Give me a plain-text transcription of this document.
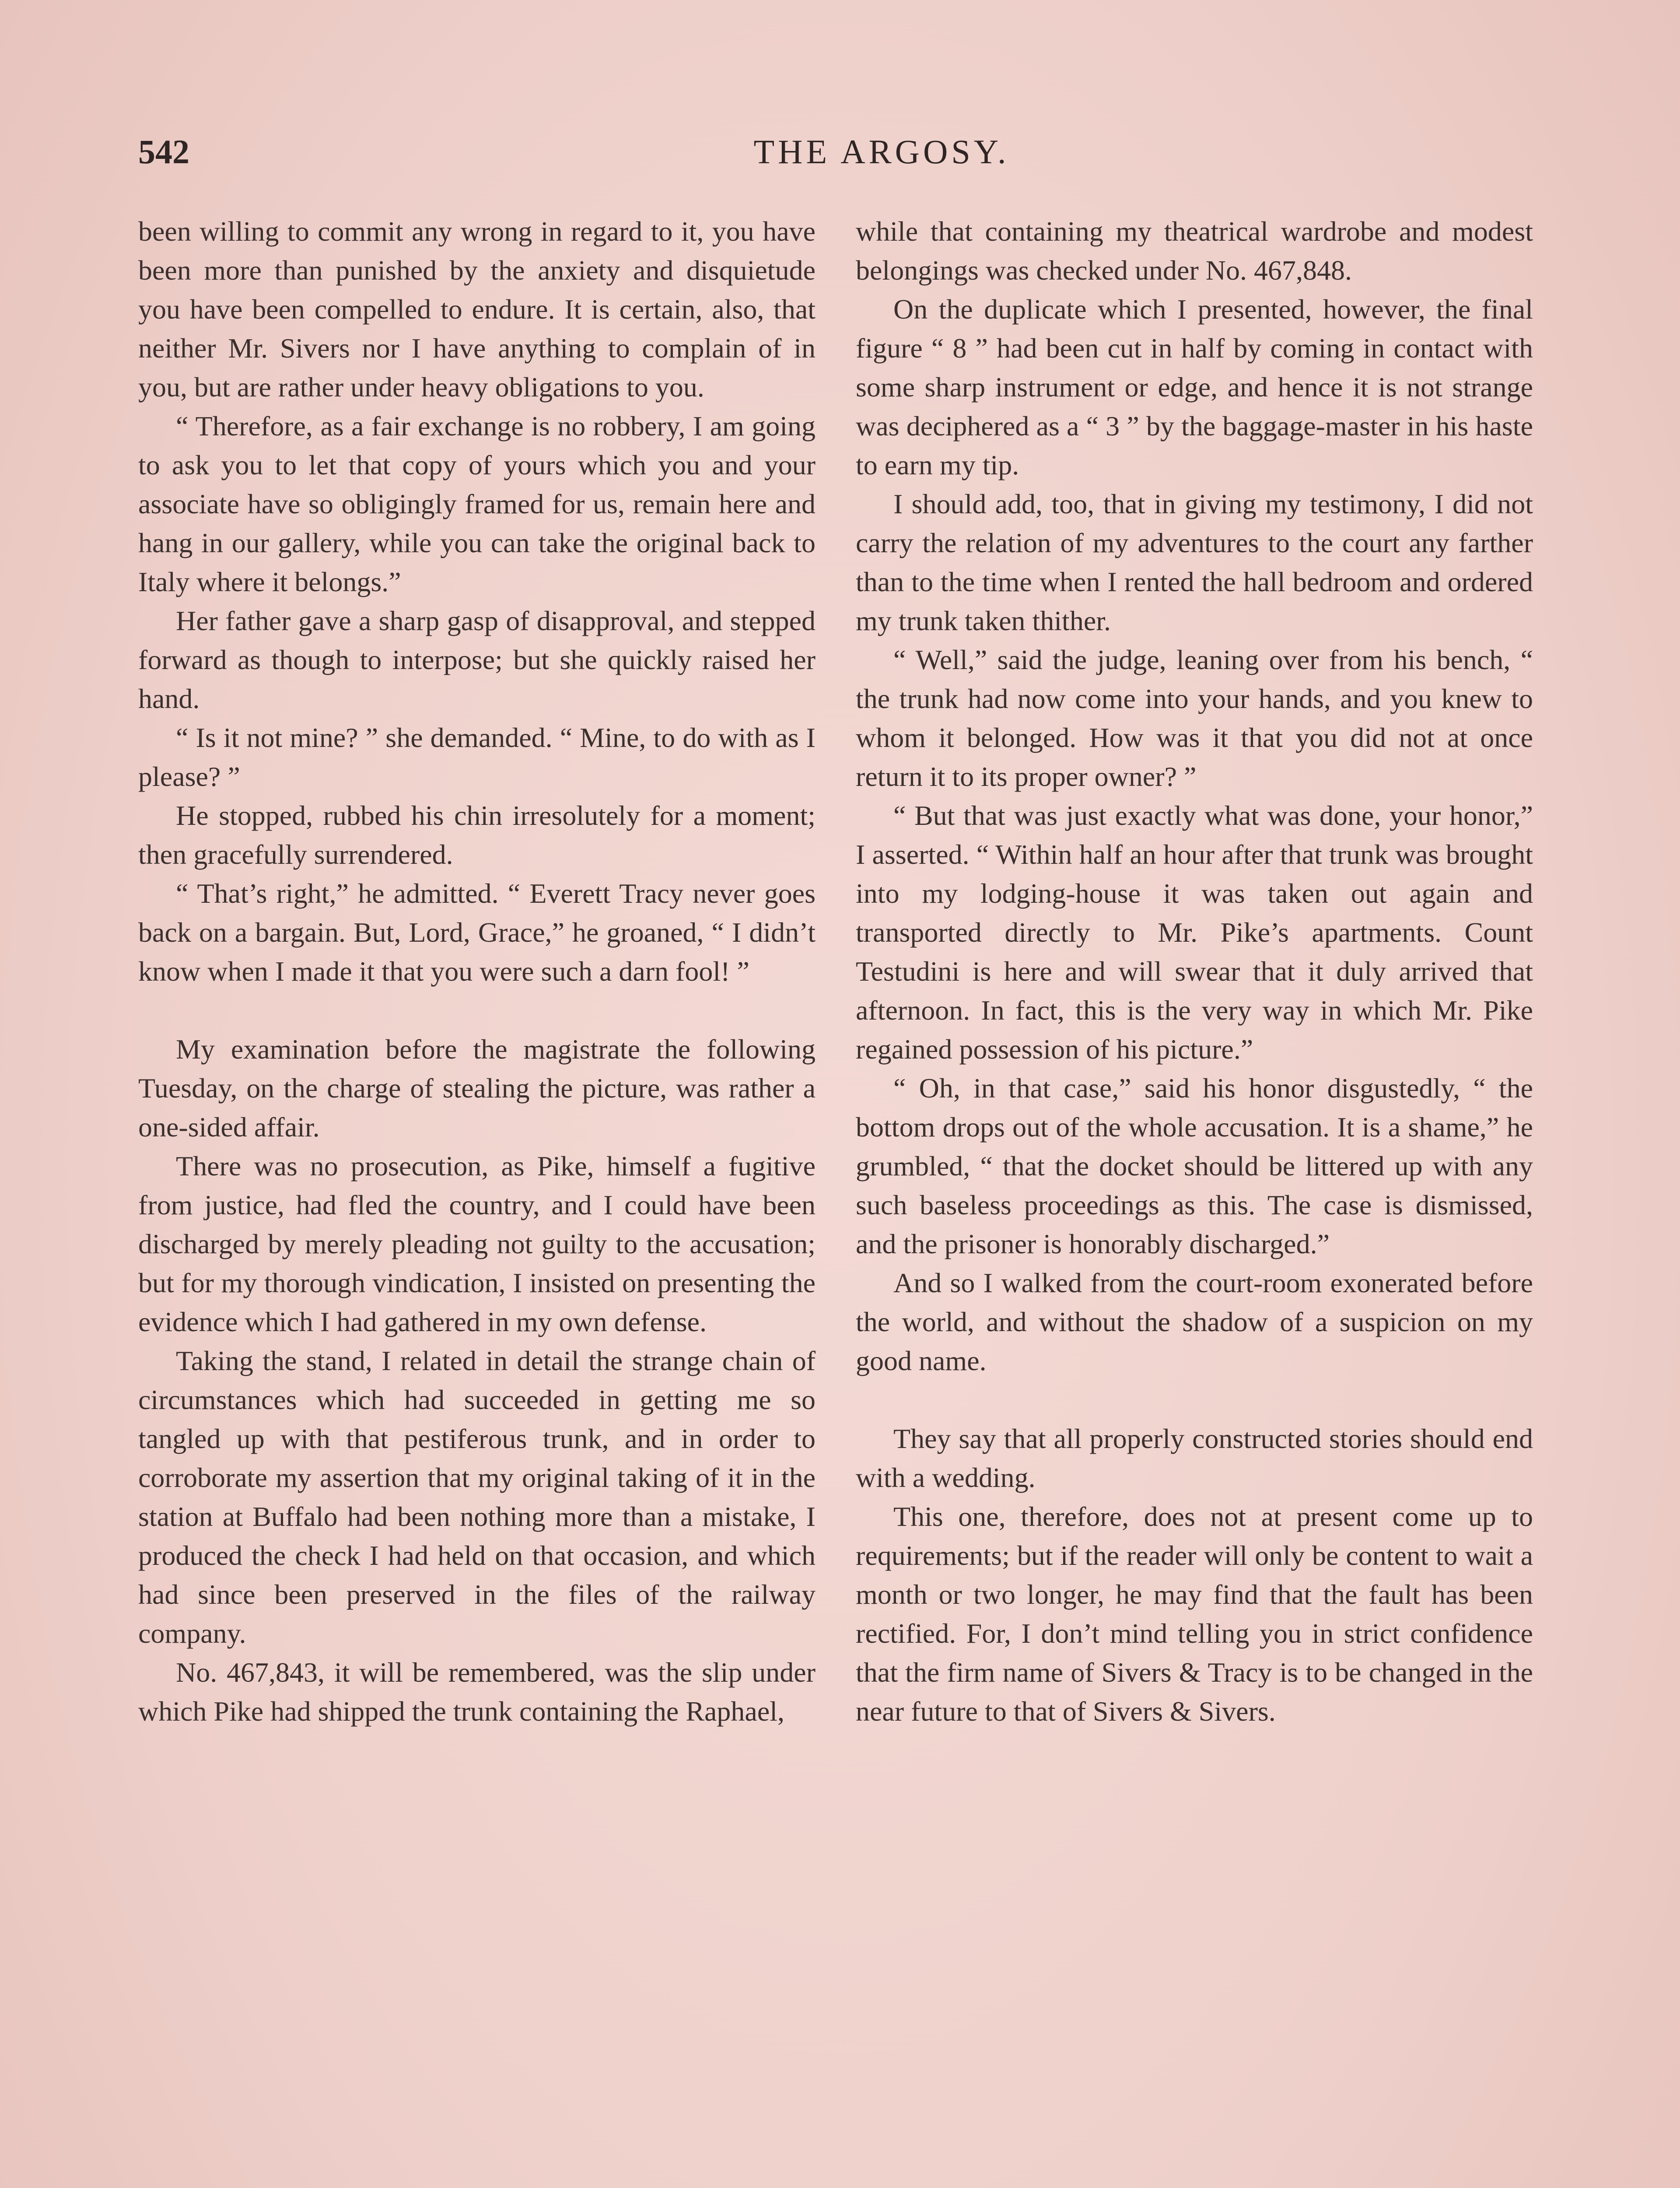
542	THE ARGOSY.

been willing to commit any wrong in regard to it, you have been more than punished by the anxiety and disquietude you have been compelled to endure. It is certain, also, that neither Mr. Sivers nor I have anything to complain of in you, but are rather under heavy obligations to you.

“ Therefore, as a fair exchange is no robbery, I am going to ask you to let that copy of yours which you and your associate have so obligingly framed for us, remain here and hang in our gallery, while you can take the original back to Italy where it belongs.”

Her father gave a sharp gasp of disapproval, and stepped forward as though to interpose; but she quickly raised her hand.

“ Is it not mine? ” she demanded. “ Mine, to do with as I please? ”

He stopped, rubbed his chin irresolutely for a moment; then gracefully surrendered.

“ That’s right,” he admitted. “ Everett Tracy never goes back on a bargain. But, Lord, Grace,” he groaned, “ I didn’t know when I made it that you were such a darn fool! ”

My examination before the magistrate the following Tuesday, on the charge of stealing the picture, was rather a one-sided affair.

There was no prosecution, as Pike, himself a fugitive from justice, had fled the country, and I could have been discharged by merely pleading not guilty to the accusation; but for my thorough vindication, I insisted on presenting the evidence which I had gathered in my own defense.

Taking the stand, I related in detail the strange chain of circumstances which had succeeded in getting me so tangled up with that pestiferous trunk, and in order to corroborate my assertion that my original taking of it in the station at Buffalo had been nothing more than a mistake, I produced the check I had held on that occasion, and which had since been preserved in the files of the railway company.

No. 467,843, it will be remembered, was the slip under which Pike had shipped the trunk containing the Raphael,

while that containing my theatrical wardrobe and modest belongings was checked under No. 467,848.

On the duplicate which I presented, however, the final figure “ 8 ” had been cut in half by coming in contact with some sharp instrument or edge, and hence it is not strange was deciphered as a “ 3 ” by the baggage-master in his haste to earn my tip.

I should add, too, that in giving my testimony, I did not carry the relation of my adventures to the court any farther than to the time when I rented the hall bedroom and ordered my trunk taken thither.

“ Well,” said the judge, leaning over from his bench, “ the trunk had now come into your hands, and you knew to whom it belonged. How was it that you did not at once return it to its proper owner? ”

“ But that was just exactly what was done, your honor,” I asserted. “ Within half an hour after that trunk was brought into my lodging-house it was taken out again and transported directly to Mr. Pike’s apartments. Count Testudini is here and will swear that it duly arrived that afternoon. In fact, this is the very way in which Mr. Pike regained possession of his picture.”

“ Oh, in that case,” said his honor disgustedly, “ the bottom drops out of the whole accusation. It is a shame,” he grumbled, “ that the docket should be littered up with any such baseless proceedings as this. The case is dismissed, and the prisoner is honorably discharged.”

And so I walked from the court-room exonerated before the world, and without the shadow of a suspicion on my good name.

They say that all properly constructed stories should end with a wedding.

This one, therefore, does not at present come up to requirements; but if the reader will only be content to wait a month or two longer, he may find that the fault has been rectified. For, I don’t mind telling you in strict confidence that the firm name of Sivers & Tracy is to be changed in the near future to that of Sivers & Sivers.
